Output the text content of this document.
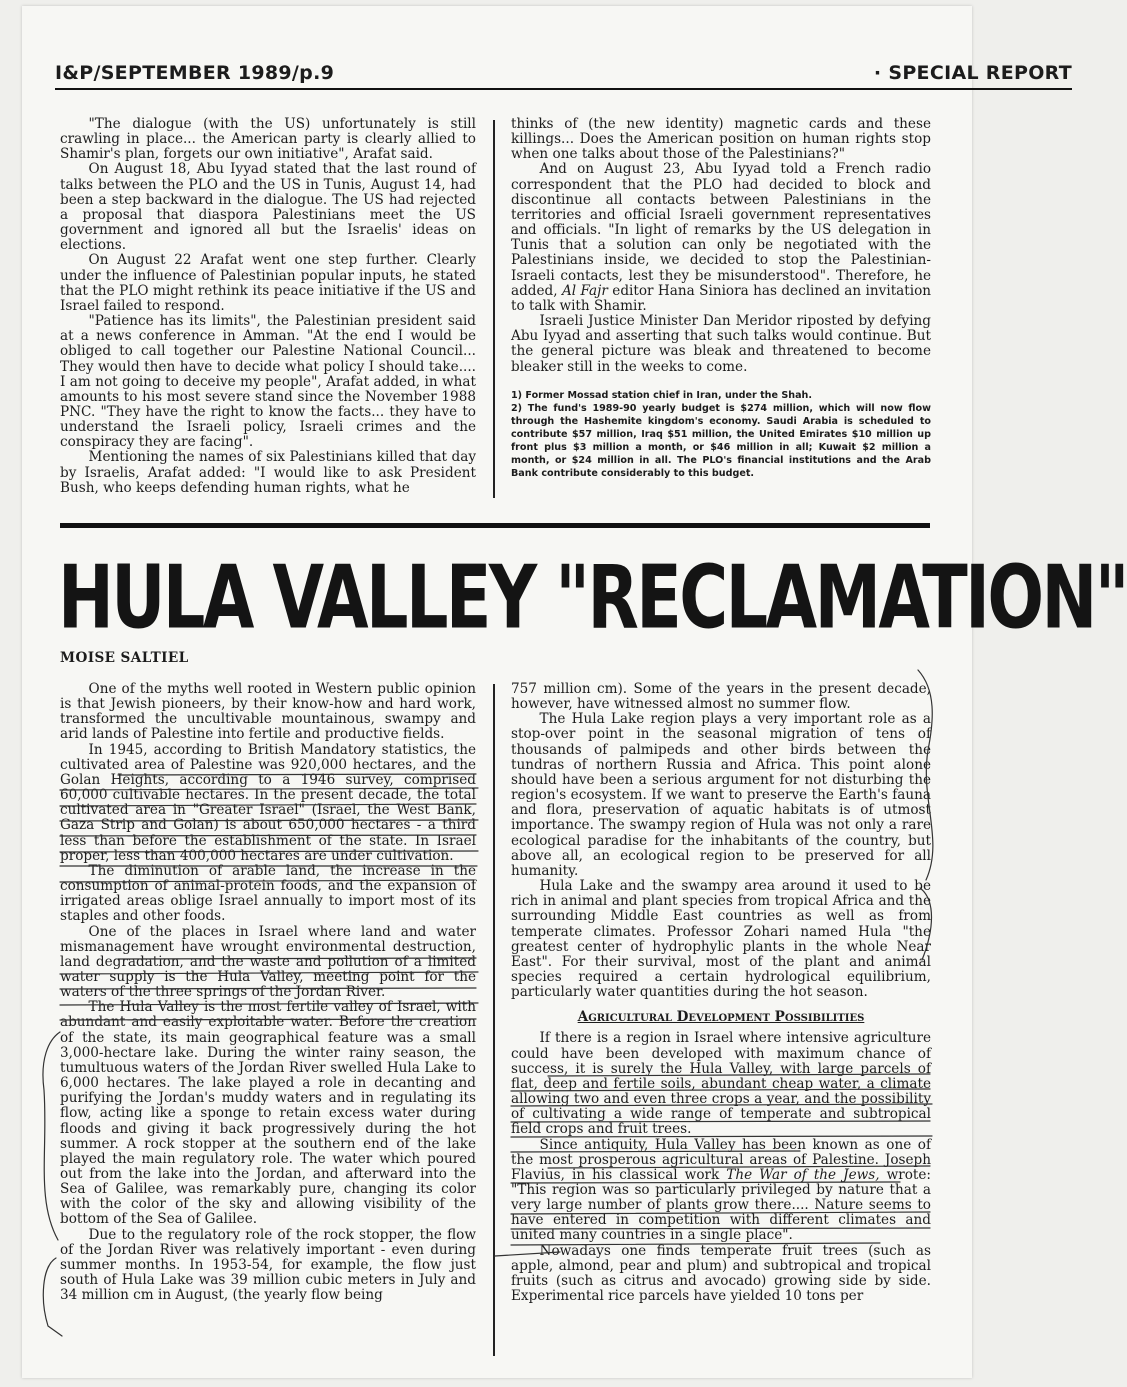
I&P/SEPTEMBER 1989/p.9	· SPECIAL REPORT

"The dialogue (with the US) unfortunately is still crawling in place... the American party is clearly allied to Shamir's plan, forgets our own initiative", Arafat said.

On August 18, Abu Iyyad stated that the last round of talks between the PLO and the US in Tunis, August 14, had been a step backward in the dialogue. The US had rejected a proposal that diaspora Palestinians meet the US government and ignored all but the Israelis' ideas on elections.

On August 22 Arafat went one step further. Clearly under the influence of Palestinian popular inputs, he stated that the PLO might rethink its peace initiative if the US and Israel failed to respond.

"Patience has its limits", the Palestinian president said at a news conference in Amman. "At the end I would be obliged to call together our Palestine National Council... They would then have to decide what policy I should take.... I am not going to deceive my people", Arafat added, in what amounts to his most severe stand since the November 1988 PNC. "They have the right to know the facts... they have to understand the Israeli policy, Israeli crimes and the conspiracy they are facing".

Mentioning the names of six Palestinians killed that day by Israelis, Arafat added: "I would like to ask President Bush, who keeps defending human rights, what he

thinks of (the new identity) magnetic cards and these killings... Does the American position on human rights stop when one talks about those of the Palestinians?"

And on August 23, Abu Iyyad told a French radio correspondent that the PLO had decided to block and discontinue all contacts between Palestinians in the territories and official Israeli government representatives and officials. "In light of remarks by the US delegation in Tunis that a solution can only be negotiated with the Palestinians inside, we decided to stop the Palestinian-Israeli contacts, lest they be misunderstood". Therefore, he added, Al Fajr editor Hana Siniora has declined an invitation to talk with Shamir.

Israeli Justice Minister Dan Meridor riposted by defying Abu Iyyad and asserting that such talks would continue. But the general picture was bleak and threatened to become bleaker still in the weeks to come.

1) Former Mossad station chief in Iran, under the Shah.

2) The fund's 1989-90 yearly budget is $274 million, which will now flow through the Hashemite kingdom's economy. Saudi Arabia is scheduled to contribute $57 million, Iraq $51 million, the United Emirates $10 million up front plus $3 million a month, or $46 million in all; Kuwait $2 million a month, or $24 million in all. The PLO's financial institutions and the Arab Bank contribute considerably to this budget.

HULA VALLEY "RECLAMATION"
MOISE SALTIEL

One of the myths well rooted in Western public opinion is that Jewish pioneers, by their know-how and hard work, transformed the uncultivable mountainous, swampy and arid lands of Palestine into fertile and productive fields.

In 1945, according to British Mandatory statistics, the cultivated area of Palestine was 920,000 hectares, and the Golan Heights, according to a 1946 survey, comprised 60,000 cultivable hectares. In the present decade, the total cultivated area in "Greater Israel" (Israel, the West Bank, Gaza Strip and Golan) is about 650,000 hectares - a third less than before the establishment of the state. In Israel proper, less than 400,000 hectares are under cultivation.

The diminution of arable land, the increase in the consumption of animal-protein foods, and the expansion of irrigated areas oblige Israel annually to import most of its staples and other foods.

One of the places in Israel where land and water mismanagement have wrought environmental destruction, land degradation, and the waste and pollution of a limited water supply is the Hula Valley, meeting point for the waters of the three springs of the Jordan River.

The Hula Valley is the most fertile valley of Israel, with abundant and easily exploitable water. Before the creation of the state, its main geographical feature was a small 3,000-hectare lake. During the winter rainy season, the tumultuous waters of the Jordan River swelled Hula Lake to 6,000 hectares. The lake played a role in decanting and purifying the Jordan's muddy waters and in regulating its flow, acting like a sponge to retain excess water during floods and giving it back progressively during the hot summer. A rock stopper at the southern end of the lake played the main regulatory role. The water which poured out from the lake into the Jordan, and afterward into the Sea of Galilee, was remarkably pure, changing its color with the color of the sky and allowing visibility of the bottom of the Sea of Galilee.

Due to the regulatory role of the rock stopper, the flow of the Jordan River was relatively important - even during summer months. In 1953-54, for example, the flow just south of Hula Lake was 39 million cubic meters in July and 34 million cm in August, (the yearly flow being

757 million cm). Some of the years in the present decade, however, have witnessed almost no summer flow.

The Hula Lake region plays a very important role as a stop-over point in the seasonal migration of tens of thousands of palmipeds and other birds between the tundras of northern Russia and Africa. This point alone should have been a serious argument for not disturbing the region's ecosystem. If we want to preserve the Earth's fauna and flora, preservation of aquatic habitats is of utmost importance. The swampy region of Hula was not only a rare ecological paradise for the inhabitants of the country, but above all, an ecological region to be preserved for all humanity.

Hula Lake and the swampy area around it used to be rich in animal and plant species from tropical Africa and the surrounding Middle East countries as well as from temperate climates. Professor Zohari named Hula "the greatest center of hydrophylic plants in the whole Near East". For their survival, most of the plant and animal species required a certain hydrological equilibrium, particularly water quantities during the hot season.

Agricultural Development Possibilities

If there is a region in Israel where intensive agriculture could have been developed with maximum chance of success, it is surely the Hula Valley, with large parcels of flat, deep and fertile soils, abundant cheap water, a climate allowing two and even three crops a year, and the possibility of cultivating a wide range of temperate and subtropical field crops and fruit trees.

Since antiquity, Hula Valley has been known as one of the most prosperous agricultural areas of Palestine. Joseph Flavius, in his classical work The War of the Jews, wrote: "This region was so particularly privileged by nature that a very large number of plants grow there.... Nature seems to have entered in competition with different climates and united many countries in a single place".

Nowadays one finds temperate fruit trees (such as apple, almond, pear and plum) and subtropical and tropical fruits (such as citrus and avocado) growing side by side. Experimental rice parcels have yielded 10 tons per
